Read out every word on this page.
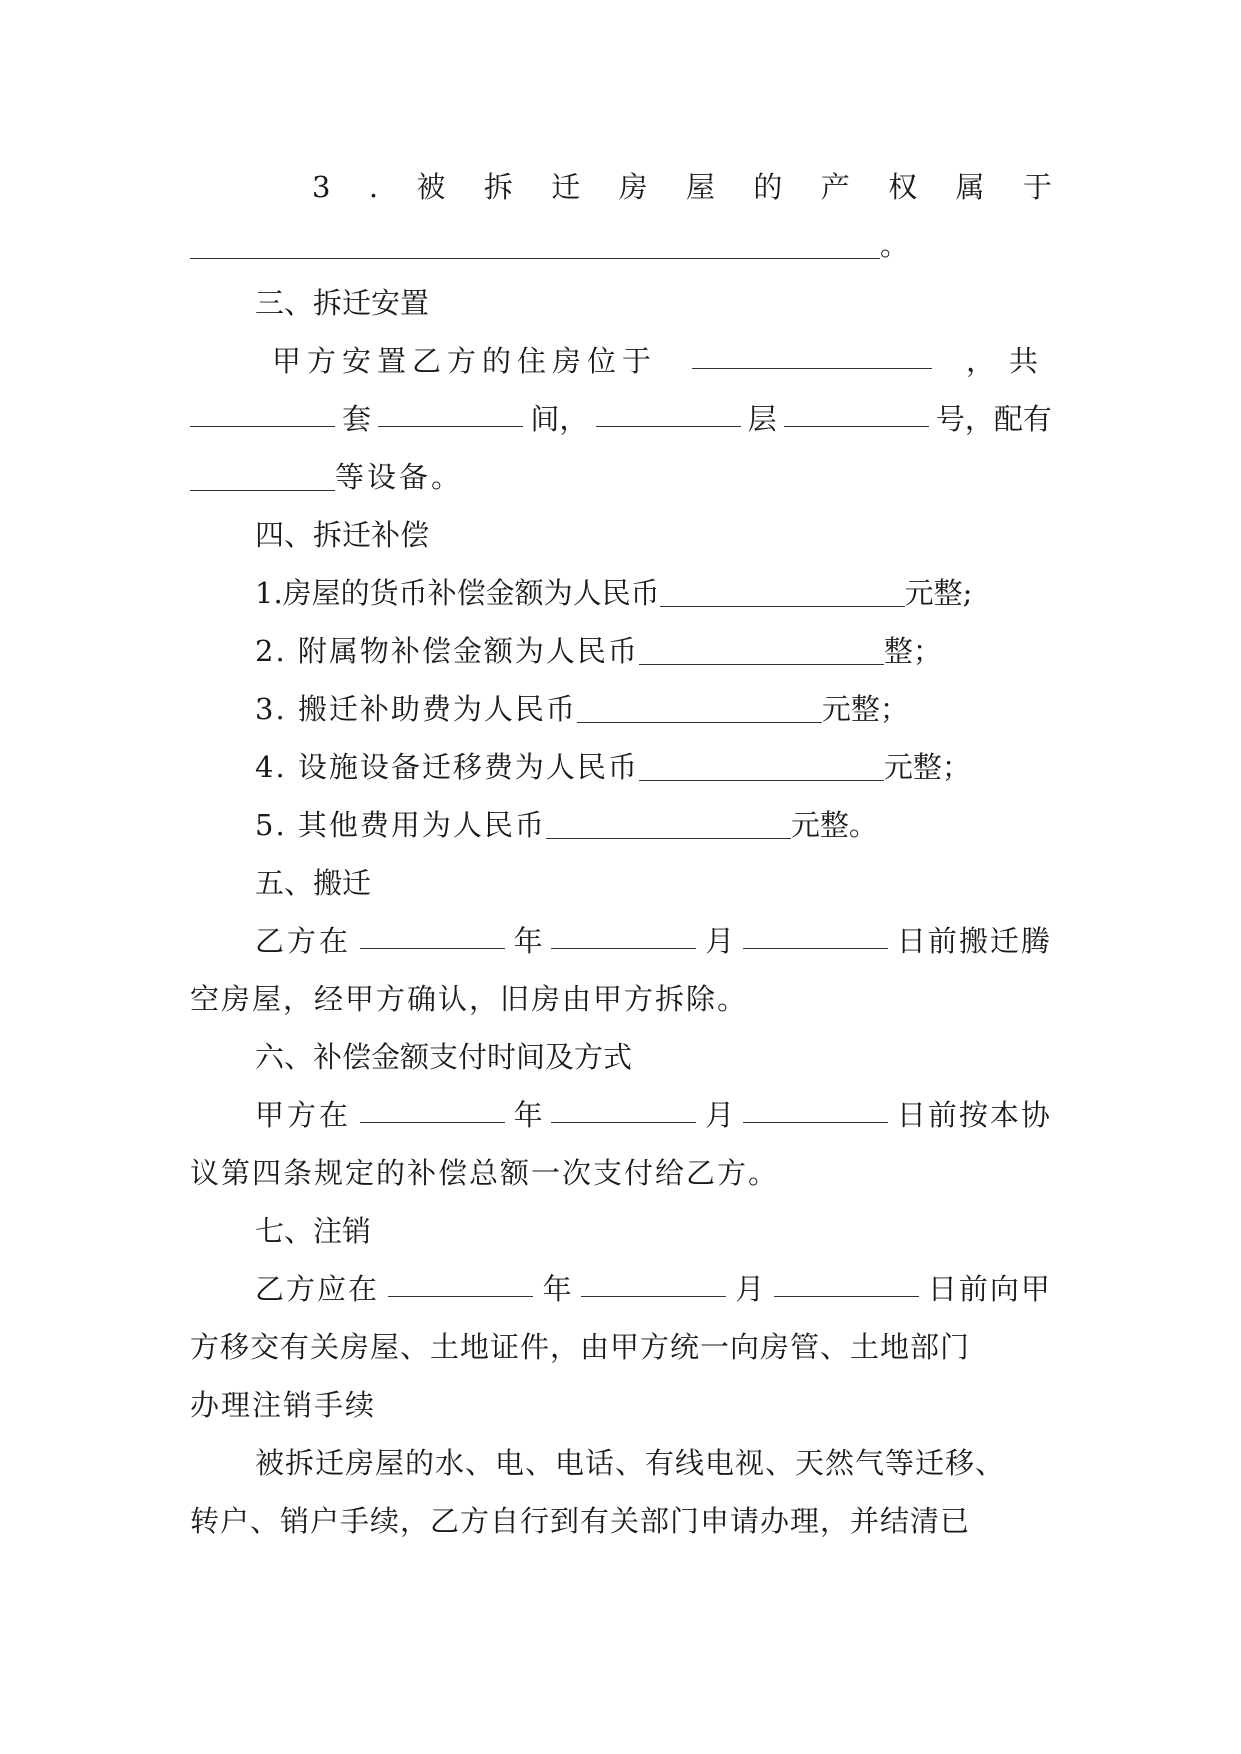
3 . 被 拆 迁 房 屋 的 产 权 属 于
。
三、拆迁安置
甲方安置乙方的住房位于	，共
套	间，	层	号，配有
等设备。
四、拆迁补偿
1.房屋的货币补偿金额为人民币	元整;
2. 附属物补偿金额为人民币	整；
3. 搬迁补助费为人民币	元整；
4. 设施设备迁移费为人民币	元整；
5. 其他费用为人民币	元整。
五、搬迁
乙方在	年	月	日前搬迁腾
空房屋，经甲方确认，旧房由甲方拆除。
六、补偿金额支付时间及方式
甲方在	年	月	日前按本协
议第四条规定的补偿总额一次支付给乙方。
七、注销
乙方应在	年	月	日前向甲
方移交有关房屋、土地证件，由甲方统一向房管、土地部门
办理注销手续
被拆迁房屋的水、电、电话、有线电视、天然气等迁移、
转户、销户手续，乙方自行到有关部门申请办理，并结清已
